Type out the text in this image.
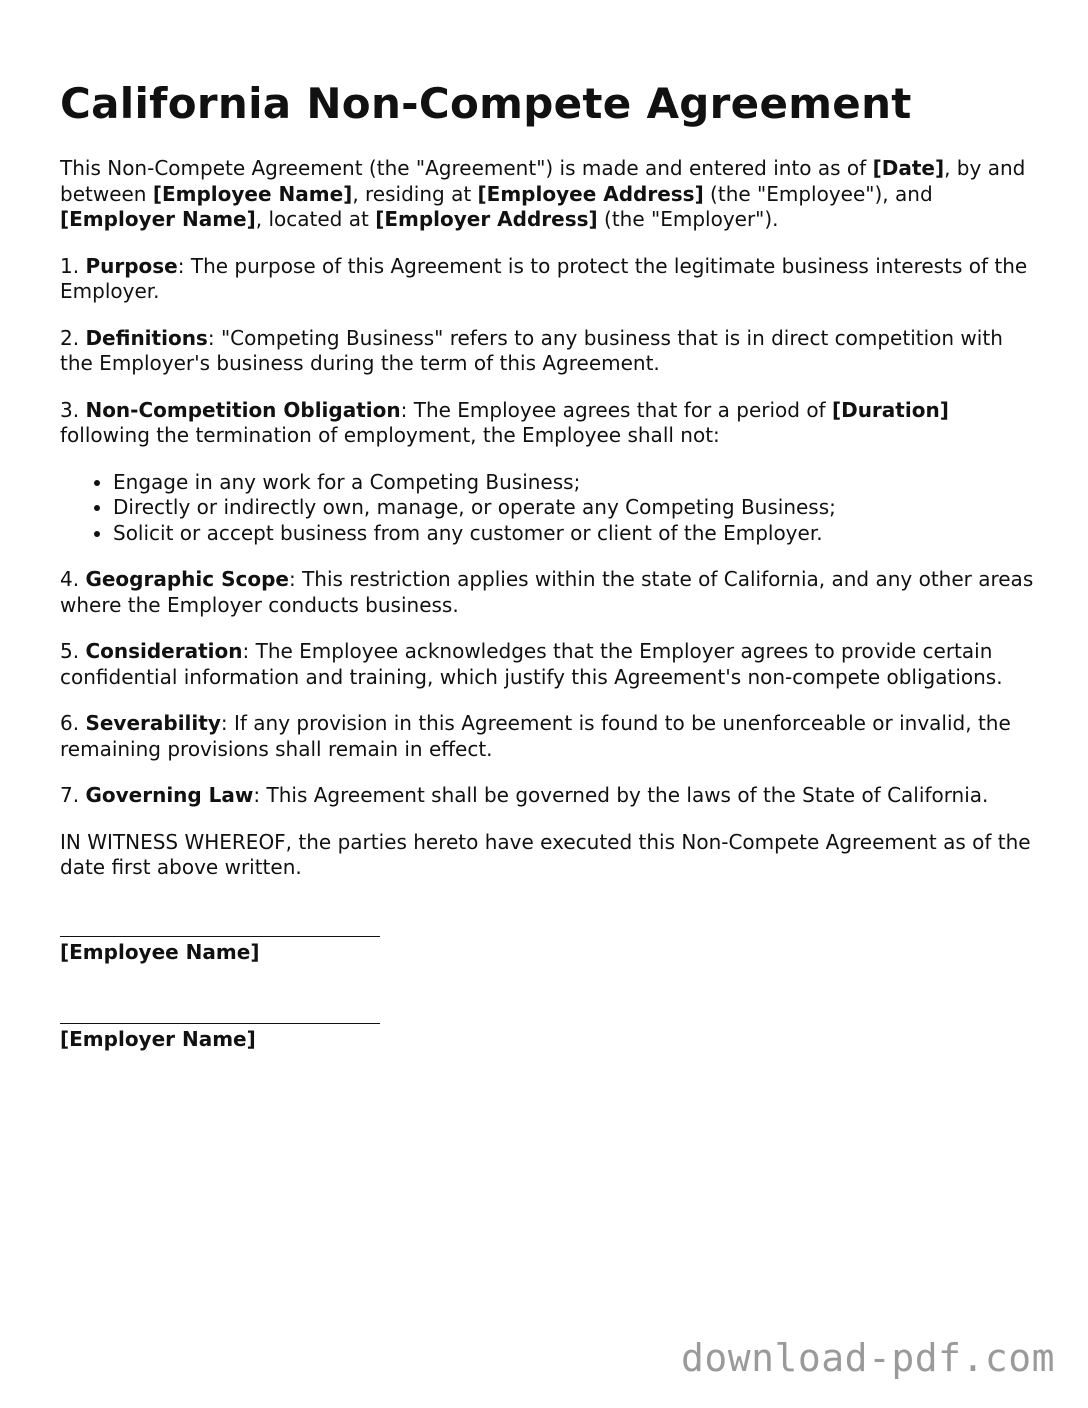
California Non-Compete Agreement

This Non-Compete Agreement (the "Agreement") is made and entered into as of [Date], by and between [Employee Name], residing at [Employee Address] (the "Employee"), and [Employer Name], located at [Employer Address] (the "Employer").

1. Purpose: The purpose of this Agreement is to protect the legitimate business interests of the Employer.

2. Definitions: "Competing Business" refers to any business that is in direct competition with the Employer's business during the term of this Agreement.

3. Non-Competition Obligation: The Employee agrees that for a period of [Duration] following the termination of employment, the Employee shall not:

• Engage in any work for a Competing Business;
• Directly or indirectly own, manage, or operate any Competing Business;
• Solicit or accept business from any customer or client of the Employer.

4. Geographic Scope: This restriction applies within the state of California, and any other areas where the Employer conducts business.

5. Consideration: The Employee acknowledges that the Employer agrees to provide certain confidential information and training, which justify this Agreement's non-compete obligations.

6. Severability: If any provision in this Agreement is found to be unenforceable or invalid, the remaining provisions shall remain in effect.

7. Governing Law: This Agreement shall be governed by the laws of the State of California.

IN WITNESS WHEREOF, the parties hereto have executed this Non-Compete Agreement as of the date first above written.

[Employee Name]
[Employer Name]
download-pdf.com
